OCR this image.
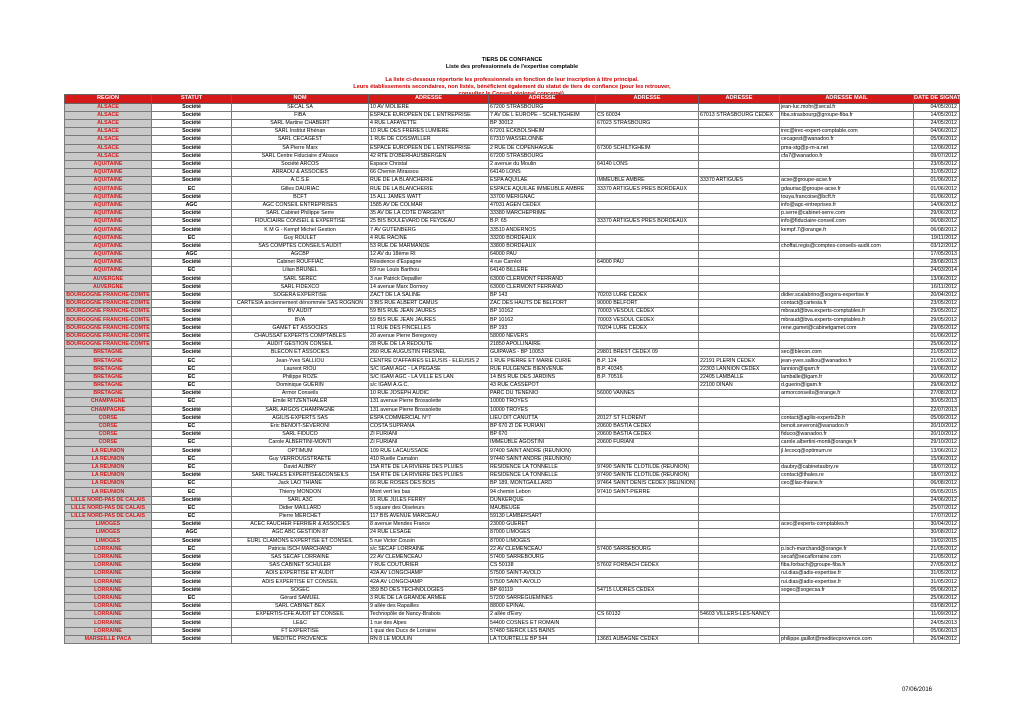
TIERS DE CONFIANCE
Liste des professionnels de l'expertise comptable
La liste ci-dessous répertorie les professionnels en fonction de leur inscription à titre principal.
Leurs établissements secondaires, non listés, bénéficient également du statut de tiers de confiance (pour les retrouver,
REGION	STATUT	NOM	ADRESSE	ADRESSE	ADRESSE	ADRESSE	ADRESSE MAIL	DATE DE SIGNATURE
ALSACE	Société	SECAL SA	10 AV MOLIERE	67200 STRASBOURG			jean-luc.mohr@secal.fr	04/05/2012
ALSACE	Société	FIBA	ESPACE EUROPEEN DE L ENTREPRISE	7 AV DE L EUROPE - SCHILTIGHEIM	CS 60034	67013 STRASBOURG CEDEX	fiba.strasbourg@groupe-fiba.fr	14/05/2012
ALSACE	Société	SARL Martine CHABERT	4 RUE LAFAYETTE	BP 30012	67023 STRASBOURG			24/05/2012
ALSACE	Société	SARL Institut Rhénan	10 RUE DES FRERES LUMIERE	67201 ECKBOLSHEIM			irec@irec-expert-comptable.com	04/06/2012
ALSACE	Société	SARL CECAGEST	1 RUE DE COSSWILLER	67310 WASSELONNE			cecagest@wanadoo.fr	05/06/2012
ALSACE	Société	SA Pierre Marx	ESPACE EUROPEEN DE L ENTREPRISE	2 RUE DE COPENHAGUE	67300 SCHILTIGHEIM		pma-stg@p-m-a.net	12/06/2012
ALSACE	Société	SARL Centre Fiduciaire d'Alsace	42 RTE D'OBERHAUSBERGEN	67200 STRASBOURG			cfa7@wanadoo.fr	09/07/2012
AQUITAINE	Société	Société ARCOS	Espace Christal	2 avenue du Moulin	64140 LONS			23/05/2012
AQUITAINE	Société	ARRAOU & ASSOCIES	66 Chemin Mirassou	64140 LONS				31/05/2012
AQUITAINE	Société	A.C.S.E	RUE DE LA BLANCHERIE	ESPA AQUILAE	IMMEUBLE AMBRE	33370 ARTIGUES	acse@groupe-acse.fr	01/06/2012
AQUITAINE	EC	Gilles DAURIAC	RUE DE LA BLANCHERIE	ESPACE AQUILAE IMMEUBLE AMBRE	33370 ARTIGUES PRES BORDEAUX		gdauriac@groupe-acse.fr	01/06/2012
AQUITAINE	Société	BCFT	15 ALL JAMES WATT	33700 MERIGNAC			touya.francoise@bcft.fr	01/06/2012
AQUITAINE	AGC	AGC CONSEIL ENTREPRISES	1585 AV DE COLMAR	47031 AGEN CEDEX			info@agc-entreprises.fr	14/06/2012
AQUITAINE	Société	SARL Cabinet Philippe Serre	35 AV DE LA COTE D'ARGENT	33380 MARCHEPRIME			p.serre@cabinet-serre.com	29/06/2012
AQUITAINE	Société	FIDUCIAIRE CONSEIL & EXPERTISE	25 BIS BOULEVARD DE FEYDEAU	B.P. 65	33370 ARTIGUES PRES BORDEAUX		info@fiduciaire-conseil.com	06/08/2012
AQUITAINE	Société	K M G - Kempf Michel Gestion	7 AV GUTENBERG	33510 ANDERNOS			kempf.7@orange.fr	06/08/2012
AQUITAINE	EC	Guy ROULET	4 RUE RACINE	33200 BORDEAUX				19/11/2012
AQUITAINE	Société	SAS COMPTES CONSEILS AUDIT	53 RUE DE MARMANDE	33800 BORDEAUX			choffat.regis@comptes-conseils-audit.com	03/12/2012
AQUITAINE	AGC	AGCBP	12 AV du 18ème RI	64000 PAU				17/05/2013
AQUITAINE	Société	Cabinet ROUFFIAC	Résidence d'Espagne	4 rue Carréot	64000 PAU			28/08/2013
AQUITAINE	EC	Lilian BRUNEL	59 rue Louis Barthou	64140 BILLERE				24/03/2014
AUVERGNE	Société	SARL SEREC	3 rue Patrick Depailler	63000 CLERMONT FERRAND				13/06/2012
AUVERGNE	Société	SARL FIDEXCO	14 avenue Marx Dormoy	63000 CLERMONT FERRAND				16/11/2012
BOURGOGNE FRANCHE-COMTE	Société	SOGERA EXPERTISE	ZACT DE LA SALINE	BP 143	70203 LURE CEDEX		didier.scalabrino@sogera-expertise.fr	20/04/2012
BOURGOGNE FRANCHE-COMTE	Société	CARTESIA anciennement dénommée SAS ROGNON	3 BIS RUE ALBERT CAMUS	ZAC DES HAUTS DE BELFORT	90000 BELFORT		contact@cartesia.fr	23/05/2012
BOURGOGNE FRANCHE-COMTE	Société	BV AUDIT	59 BIS RUE JEAN JAURES	BP 10162	70003 VESOUL CEDEX		mbraud@bva.experts-comptables.fr	29/05/2012
BOURGOGNE FRANCHE-COMTE	Société	BVA	59 BIS RUE JEAN JAURES	BP 10162	70003 VESOUL CEDEX		mbraud@bva.experts-comptables.fr	29/05/2012
BOURGOGNE FRANCHE-COMTE	Société	GAMET ET ASSOCIES	11 RUE DES FINCELLES	BP 193	70204 LURE CEDEX		rene.gamet@cabinetgamet.com	29/05/2012
BOURGOGNE FRANCHE-COMTE	Société	CHAUSSAT EXPERTS COMPTABLES	20 avenue Pierre Beregovoy	58000 NEVERS				01/06/2012
BOURGOGNE FRANCHE-COMTE	Société	AUDIT GESTION CONSEIL	28 RUE DE LA REDOUTE	21850 APOLLINAIRE				25/06/2012
BRETAGNE	Société	BLECON ET ASSOCIES	260 RUE AUGUSTIN FRESNEL	GUIPAVAS - BP 10053	29801 BREST CEDEX 09		sec@blecon.com	21/05/2012
BRETAGNE	EC	Jean-Yves SALLIOU	CENTRE D'AFFAIRES ELEUSIS - ELEUSIS 2	1 RUE PIERRE ET MARIE CURIE	B.P. 124	22191 PLERIN CEDEX	jean-yves.salliou@wanadoo.fr	21/05/2012
BRETAGNE	EC	Laurent RIOU	S/C IGAM AGC - LA PEGASE	RUE FULGENCE BIENVENUE	B.P. 40345	22303 LANNION CEDEX	lannion@igam.fr	19/06/2012
BRETAGNE	EC	Philippe ROZE	S/C IGAM AGC - LA VILLE ES LAN	14 BIS RUE DES JARDINS	B.P. 70516	22405 LAMBALLE	lamballe@igam.fr	20/06/2012
BRETAGNE	EC	Dominique GUERIN	s/c IGAM A.G.C.	43 RUE CASSEPOT		22100 DINAN	d.guerin@igam.fr	29/06/2012
BRETAGNE	Société	Armor Conseils	10 RUE JOSEPH AUDIC	PARC DU TENENIO	56000 VANNES		armorconseils@orange.fr	27/08/2012
CHAMPAGNE	EC	Emile RITZENTHALER	131 avenue Pierre Brossolette	10000 TROYES				30/05/2013
CHAMPAGNE	Société	SARL ARGOS CHAMPAGNE	131 avenue Pierre Brossolette	10000 TROYES				22/07/2013
CORSE	Société	AGILIS-EXPERTS SAS	ESPA COMMERCIAL N°7	LIEU DIT CANUTTA	20127 ST FLORENT		contact@agilis-experts2b.fr	05/09/2012
CORSE	EC	Eric BENOIT-SEVERONI	COSTA SUPRANA	BP 670 ZI DE FURIANI	20600 BASTIA CEDEX		benoit.severoni@wanadoo.fr	20/10/2012
CORSE	Société	SARL FIDUCO	ZI FURIANI	BP 670	20600 BASTIA CEDEX		fiduco@wanadoo.fr	20/10/2012
CORSE	EC	Carole ALBERTINI-MONTI	ZI FURIANI	IMMEUBLE AGOSTINI	20600 FURIANI		carole.albertini-monti@orange.fr	29/10/2012
LA REUNION	Société	OPTIMUM	109 RUE LACAUSSADE	97400 SAINT ANDRE (REUNION)			jl.lecocq@optimum.re	13/06/2012
LA REUNION	EC	Guy VERROUGSTRAETE	410 Ruelle Camalon	97440 SAINT ANDRE (REUNION)				15/06/2012
LA REUNION	EC	David AUBRY	15A RTE DE LA RIVIERE DES PLUIES	RESIDENCE LA TONNELLE	97490 SAINTE CLOTILDE (REUNION)		daubry@cabinetaubry.re	18/07/2012
LA REUNION	Société	SARL THALES EXPERTISE&CONSEILS	15A RTE DE LA RIVIERE DES PLUIES	RESIDENCE LA TONNELLE	97490 SAINTE CLOTILDE (REUNION)		contact@thales.re	18/07/2012
LA REUNION	EC	Jack LAO THIANE	66 RUE ROSES DES BOIS	BP 189, MONTGAILLARD	97464 SAINT DENIS CEDEX (REUNION)		cec@lao-thiane.fr	06/08/2012
LA REUNION	EC	Thierry MONDON	Mont vert les bas	94 chemin Lebon	97410 SAINT-PIERRE			05/05/2015
LILLE NORD-PAS DE CALAIS	Société	SARL A3C	91 RUE JULES FERRY	DUNKERQUE				24/06/2012
LILLE NORD-PAS DE CALAIS	EC	Didier MAILLARD	5 square des Oiseleurs	MAUBEUGE				25/07/2012
LILLE NORD-PAS DE CALAIS	EC	Pierre MERCHET	117 BIS AVENUE MARCEAU	59130 LAMBERSART				17/07/2012
LIMOGES	Société	ACEC FAUCHER FERRIER & ASSOCIES	8 avenue Mendes France	23000 GUERET			acec@experts-comptables.fr	30/04/2012
LIMOGES	AGC	AGC ABC GESTION 87	24 RUE LESAGE	87000 LIMOGES				30/08/2012
LIMOGES	Société	EURL CLAMONS EXPERTISE ET CONSEIL	5 rue Victor Cousin	87000 LIMOGES				19/02/2015
LORRAINE	EC	Patricia ISCH MARCHAND	s/c SECAF LORRAINE	22 AV CLEMENCEAU	57400 SARREBOURG		p.isch-marchand@orange.fr	21/05/2012
LORRAINE	Société	SAS SECAF LORRAINE	22 AV CLEMENCEAU	57400 SARREBOURG			secaf@secaflorraine.com	21/05/2012
LORRAINE	Société	SAS CABINET SCHULER	7 RUE COUTURIER	CS 50138	57602 FORBACH CEDEX		fiba.forbach@groupe-fiba.fr	27/05/2012
LORRAINE	Société	ADIS EXPERTISE ET AUDIT	42A AV LONGCHAMP	57500 SAINT-AVOLD			rui.dias@adis-expertise.fr	31/05/2012
LORRAINE	Société	ADIS EXPERTISE ET CONSEIL	42A AV LONGCHAMP	57500 SAINT-AVOLD			rui.dias@adis-expertise.fr	31/05/2012
LORRAINE	Société	SOGEC	359 BD DES TECHNOLOGIES	BP 60119	54715 LUDRES CEDEX		sogec@sogecsa.fr	05/06/2012
LORRAINE	EC	Gérard SAMUEL	3 RUE DE LA GRANDE ARMEE	57200 SARREGUEMINES				25/06/2012
LORRAINE	Société	SARL CABINET BEX	9 allée des Rapailles	88000 EPINAL				03/08/2012
LORRAINE	Société	EXPERTIS-CFE AUDIT ET CONSEIL	Technopôle de Nancy-Brabois	2 allée d'Evry	CS 60132	54603 VILLERS-LES-NANCY		11/09/2012
LORRAINE	Société	LE&C	1 rue des Alpes	54400 COSNES ET ROMAIN				24/05/2013
LORRAINE	Société	FT EXPERTISE	1 quai des Ducs de Lorraine	57480 SIERCK LES BAINS				05/06/2013
MARSEILLE PACA	Société	MEDITEC PROVENCE	RN 8 LE MOULIN	LA TOURTELLE BP 544	13681 AUBAGNE CEDEX		philippe.gaillot@meditecprovence.com	26/04/2012
07/06/2016
